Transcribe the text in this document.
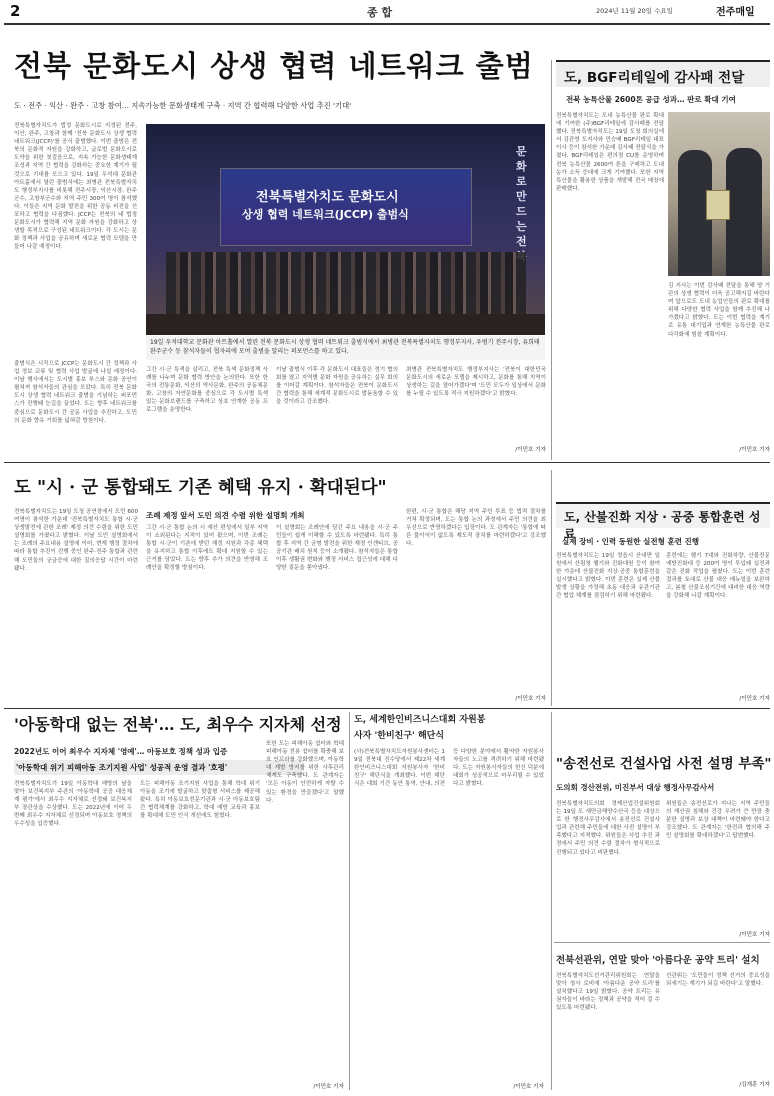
2	종 합	2024년 11월 20일 수요일	전주매일
전북 문화도시 상생 협력 네트워크 출범
도 · 전주 · 익산 · 완주 · 고창 참여… 지속가능한 문화생태계 구축 · 지역 간 협력해 다양한 사업 추진 '기대'
전북특별자치도가 법정 문화도시로 지정된 전주, 익산, 완주, 고창과 함께 '전북 문화도시 상생 협력 네트워크(JCCP)'를 공식 출범했다. 이번 출범은 전북의 문화적 자원을 강화하고, 글로벌 문화도시로 도약을 위한 첫걸음으로, 지속 가능한 문화생태계 조성과 지역 간 협력을 강화하는 중요한 계기가 될 것으로 기대를 모으고 있다. 19일 우석대 문화관 아트홀에서 열린 출범식에는 최병관 전북특별자치도 행정부지사를 비롯해 전주시장, 익산시장, 완주군수, 고창부군수와 지역 주민 300여 명이 참석했다. 이들은 지역 문화 발전을 위한 공동 비전을 선포하고 협력을 다짐했다. JCCP는 전북의 네 법정 문화도시가 협력해 지역 문화 자원을 강화하고 상생할 목적으로 구성된 네트워크이다. 각 도시는 문화 정책과 사업을 공유하며 새로운 협력 모델을 만들어 나갈 예정이다.
출범식은 시작으로 JCCP는 문화도시 간 정책과 사업 정보 교류 및 협력 사업 발굴에 나설 예정이다. 이날 행사에서는 도시별 홍보 부스와 문화 공연이 펼쳐져 참석자들의 관심을 모았다. 특히 전북 문화도시 상생 협력 네트워크 출범을 기념하는 퍼포먼스가 진행돼 눈길을 끌었다. 도는 향후 네트워크를 중심으로 문화도시 간 공동 사업을 추진하고, 도민의 문화 향유 기회를 넓혀갈 방침이다.
전북특별자치도 문화도시
상생 협력 네트워크(JCCP) 출범식
문화로 만드는 전
19일 우석대학교 문화관 아트홀에서 열린 전북 문화도시 상생 협력 네트워크 출범식에서 최병관 전북특별자치도 행정부지사, 우범기 전주시장, 유희태 완주군수 등 참석자들이 협자리에 모여 출범을 알리는 퍼포먼스를 하고 있다.
그간 시·군 특색을 살리고, 전북 특색 문화정책 사례를 나누며 문화 협력 방안을 논의한다. 또한 한국의 전통문화, 익산의 역사문화, 완주의 공동체문화, 고창의 자연문화를 중심으로 각 도시별 특색 있는 문화브랜드를 구축하고 상호 연계한 공동 프로그램을 운영한다.
이날 출범식 이후 각 문화도시 대표들은 정기 협의회를 열고 지역별 문화 자원을 공유하는 실무 회의를 이어갈 계획이다. 참석자들은 전북이 문화도시 간 협력을 통해 세계적 문화도시로 발돋움할 수 있을 것이라고 강조했다.
최병관 전북특별자치도 행정부지사는 '전북이 대한민국 문화도시의 새로운 모델을 제시하고, 문화를 통해 지역이 상생하는 길을 열어가겠다'며 '도민 모두가 일상에서 문화를 누릴 수 있도록 적극 지원하겠다'고 밝혔다.
/이민호 기자
도, BGF리테일에 감사패 전달
전북 농특산물 2600톤 공급 성과… 판로 확대 기여
전북특별자치도는 도내 농특산물 판로 확대에 기여한 (주)BGF리테일에 감사패를 전달했다. 전북특별자치도는 19일 도청 회의실에서 김관영 도지사와 민승배 BGF리테일 대표이사 등이 참석한 가운데 감사패 전달식을 가졌다. BGF리테일은 편의점 CU를 운영하며 전북 농특산물 2600여 톤을 구매하고 도내 농가 소득 증대에 크게 기여했다. 또한 지역 특산물을 활용한 상품을 개발해 전국 매장에 판매했다.
김 지사는 이번 감사패 전달을 통해 양 기관의 상생 협력이 더욱 공고해지길 바란다며 앞으로도 도내 농업인들의 판로 확대를 위해 다양한 협력 사업을 함께 추진해 나가겠다고 밝혔다. 도는 이번 협력을 계기로 유통 대기업과 연계한 농특산물 판로 다각화에 힘쓸 계획이다.
/이민호 기자
도 "시 · 군 통합돼도 기존 혜택 유지 · 확대된다"
전북특별자치도는 19일 도청 공연장에서 도민 600여명이 참석한 가운데 '전북특별자치도 통합 시·군 상생발전에 관한 조례' 제정 의견 수렴을 위한 도민 설명회를 가졌다고 밝혔다. 이날 도민 설명회에서는 조례의 주요내용 설명에 이어, 현재 행정 절차에 따라 통합 추진이 진행 중인 완주·전주 통합과 관련해 도민들의 궁금증에 대한 질의응답 시간이 마련됐다.
조례 제정 앞서 도민 의견 수렴 위한 설명회 개최
그간 시·군 통합 논의 시 예산 편성에서 일부 지역이 소외된다는 지적이 있어 왔으며, 이번 조례는 통합 시·군이 기존에 받던 재정 지원과 각종 혜택을 유지하고 통합 이후에도 확대 지원할 수 있는 근거를 담았다. 도는 향후 추가 의견을 반영해 조례안을 확정할 방침이다.
이 설명회는 조례안에 담긴 주요 내용을 시·군 주민들이 쉽게 이해할 수 있도록 마련됐다. 특히 통합 후 지역 간 균형 발전을 위한 재정 인센티브, 공공기관 배치 원칙 등이 소개됐다. 참석자들은 통합 이후 생활권 변화와 행정 서비스 접근성에 대해 다양한 질문을 쏟아냈다.
한편, 시·군 통합은 해당 지역 주민 투표 등 법적 절차를 거쳐 확정되며, 도는 통합 논의 과정에서 주민 의견을 최우선으로 반영하겠다는 입장이다. 도 관계자는 '통합에 따른 불이익이 없도록 제도적 장치를 마련하겠다'고 강조했다.
/이민호 기자
도, 산불진화 지상 · 공중 통합훈련 성료
실제 장비 · 인력 동원한 실전형 훈련 진행
전북특별자치도는 19일 정읍시 산내면 일원에서 산림청 헬기와 진화대원 등이 참여한 가운데 산불진화 지상·공중 통합훈련을 실시했다고 밝혔다. 이번 훈련은 실제 산불 발생 상황을 가정해 초동 대응과 유관기관 간 협업 체계를 점검하기 위해 마련됐다.
훈련에는 헬기 7대와 진화차량, 산불전문예방진화대 등 200여 명이 투입돼 실전과 같은 진화 작업을 펼쳤다. 도는 이번 훈련 결과를 토대로 산불 대응 매뉴얼을 보완하고, 봄철 산불조심기간에 대비한 대응 역량을 강화해 나갈 계획이다.
/이민호 기자
'아동학대 없는 전북'… 도, 최우수 지자체 선정
2022년도 이어 최우수 지자체 '영예'… 아동보호 정책 성과 입증
'아동학대 위기 피해아동 조기지원 사업' 성공적 운영 결과 '호평'
전북특별자치도가 19일 아동학대 예방의 날을 맞아 보건복지부 주관의 '아동학대 공공 대응체계 평가'에서 최우수 지자체로 선정돼 보건복지부 장관상을 수상했다. 도는 2022년에 이어 두 번째 최우수 지자체로 선정되며 아동보호 정책의 우수성을 입증했다.
도는 피해아동 조기지원 사업을 통해 학대 위기 아동을 조기에 발굴하고 맞춤형 서비스를 제공해 왔다. 특히 아동보호전문기관과 시·군 아동보호팀 간 협력체계를 강화하고, 학대 예방 교육과 홍보를 확대해 도민 인식 개선에도 힘썼다.
또한 도는 피해아동 쉼터와 학대피해아동 전용 쉼터를 확충해 보호 인프라를 강화했으며, 아동학대 재발 방지를 위한 사후관리 체계도 구축했다. 도 관계자는 '모든 아동이 안전하게 자랄 수 있는 환경을 만들겠다'고 말했다.
/이민호 기자
도, 세계한인비즈니스대회 자원봉사자 '한비친구' 해단식
(사)전북특별자치도자원봉사센터는 19일 전북대 진수당에서 제22차 세계한인비즈니스대회 자원봉사자 '한비친구' 해단식을 개최했다. 이번 해단식은 대회 기간 동안 통역, 안내, 의전 등 다양한 분야에서 활약한 자원봉사자들의 노고를 격려하기 위해 마련됐다. 도는 자원봉사자들의 헌신 덕분에 대회가 성공적으로 마무리될 수 있었다고 밝혔다.
/이민호 기자
"송전선로 건설사업 사전 설명 부족"
도의회 경산전위, 미진부서 대상 행정사무감사서
전북특별자치도의회 경제산업건설위원회는 19일 도 새만금해양수산국 등을 대상으로 한 행정사무감사에서 송전선로 건설사업과 관련해 주민들에 대한 사전 설명이 부족했다고 지적했다. 위원들은 사업 추진 과정에서 주민 의견 수렴 절차가 형식적으로 진행되고 있다고 비판했다.
위원들은 송전선로가 지나는 지역 주민들의 재산권 침해와 건강 우려가 큰 만큼 충분한 설명과 보상 대책이 마련돼야 한다고 강조했다. 도 관계자는 '한전과 협의해 주민 설명회를 확대하겠다'고 답변했다.
/이민호 기자
전북선관위, 연말 맞아 '아름다운 공약 트리' 설치
전북특별자치도선거관리위원회는 연말을 맞아 청사 로비에 '아름다운 공약 트리'를 설치했다고 19일 밝혔다. 공약 트리는 유권자들이 바라는 정책과 공약을 적어 걸 수 있도록 마련됐다.
선관위는 '도민들이 정책 선거의 중요성을 되새기는 계기가 되길 바란다'고 말했다.
/김재훈 기자
